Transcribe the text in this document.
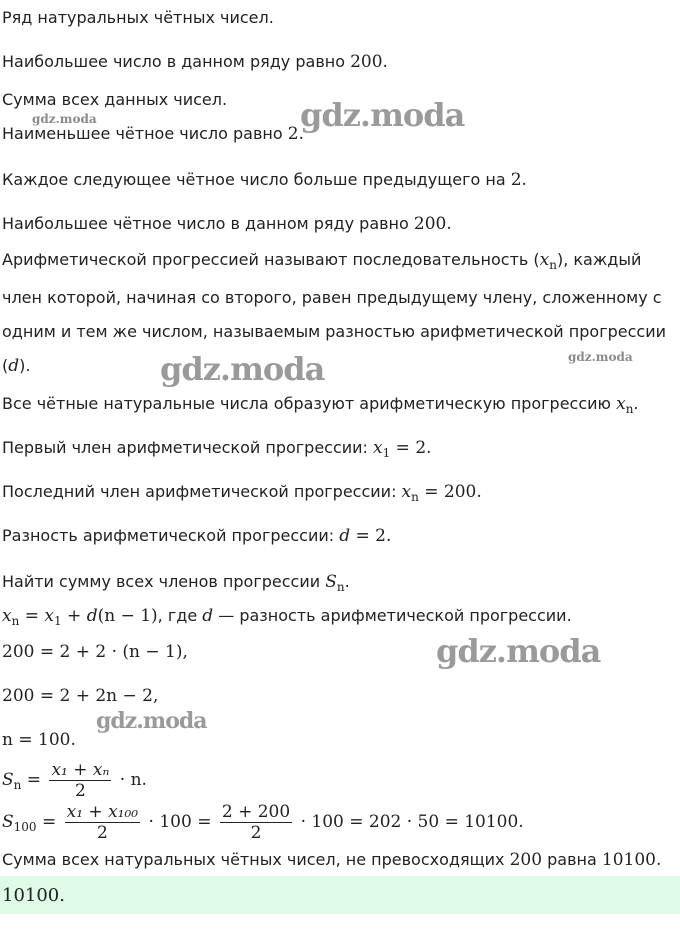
Ряд натуральных чётных чисел.
Наибольшее число в данном ряду равно 200.
Сумма всех данных чисел.
Наименьшее чётное число равно 2.
Каждое следующее чётное число больше предыдущего на 2.
Наибольшее чётное число в данном ряду равно 200.
Арифметической прогрессией называют последовательность $(x_n)$, каждый
член которой, начиная со второго, равен предыдущему члену, сложенному с
одним и тем же числом, называемым разностью арифметической прогрессии
(d).
Все чётные натуральные числа образуют арифметическую прогрессию $x_n$.
Первый член арифметической прогрессии: $x_1 = 2$.
Последний член арифметической прогрессии: $x_n = 200$.
Разность арифметической прогрессии: d = 2.
Найти сумму всех членов прогрессии $S_n$.
$x_n = x_1 + d(n - 1)$, где d — разность арифметической прогрессии.
200 = 2 + 2 · (n − 1),
200 = 2 + 2n − 2,
n = 100.
$S_n = \frac{\text{x₁ + xₙ}}{2} \cdot n$.
$S_{100} = \frac{\text{x₁ + x₁₀₀}}{2} \cdot 100 = \frac{2 + 200}{2} \cdot 100 = 202 \cdot 50 = 10100$.
Сумма всех натуральных чётных чисел, не превосходящих 200 равна 10100.
10100.
gdz.moda
gdz.moda
gdz.moda	gdz.moda
gdz.moda
gdz.moda
